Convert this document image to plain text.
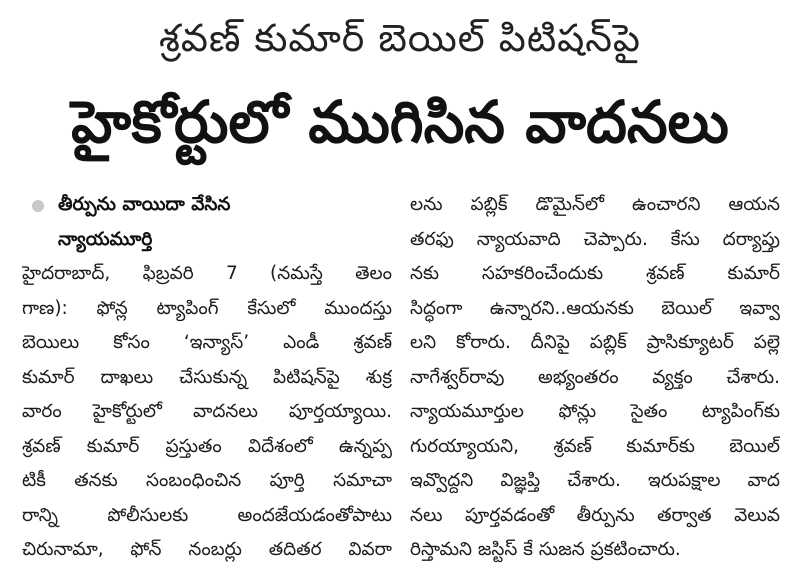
శ్రవణ్ కుమార్ బెయిల్ పిటిషన్‌పై
హైకోర్టులో ముగిసిన వాదనలు
తీర్పును వాయిదా వేసిన
న్యాయమూర్తి
హైదరాబాద్, ఫిబ్రవరి 7 (నమస్తే తెలం
గాణ): ఫోన్ల ట్యాపింగ్ కేసులో ముందస్తు
బెయిలు కోసం ‘ఇన్యాస్’ ఎండీ శ్రవణ్
కుమార్ దాఖలు చేసుకున్న పిటిషన్‌పై శుక్ర
వారం హైకోర్టులో వాదనలు పూర్తయ్యాయి.
శ్రవణ్ కుమార్ ప్రస్తుతం విదేశంలో ఉన్నప్ప
టికీ తనకు సంబంధించిన పూర్తి సమాచా
రాన్ని పోలీసులకు అందజేయడంతోపాటు
చిరునామా, ఫోన్ నంబర్లు తదితర వివరా
లను పబ్లిక్ డొమైన్‌లో ఉంచారని ఆయన
తరఫు న్యాయవాది చెప్పారు. కేసు దర్యాప్తు
నకు సహకరించేందుకు శ్రవణ్ కుమార్
సిద్ధంగా ఉన్నారని..ఆయనకు బెయిల్ ఇవ్వా
లని కోరారు. దీనిపై పబ్లిక్ ప్రాసిక్యూటర్ పల్లె
నాగేశ్వర్‌రావు అభ్యంతరం వ్యక్తం చేశారు.
న్యాయమూర్తుల ఫోన్లు సైతం ట్యాపింగ్‌కు
గురయ్యాయని, శ్రవణ్ కుమార్‌కు బెయిల్
ఇవ్వొద్దని విజ్ఞప్తి చేశారు. ఇరుపక్షాల వాద
నలు పూర్తవడంతో తీర్పును తర్వాత వెలువ
రిస్తామని జస్టిస్ కే సుజన ప్రకటించారు.
